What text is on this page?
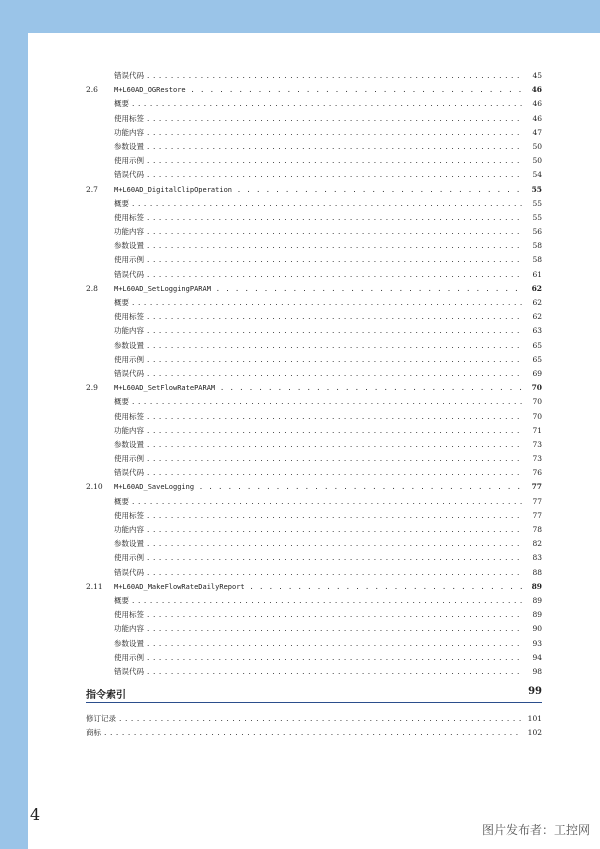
错误代码 . . .	45
2.6 M+L60AD_OGRestore . . .	46
概要 . . .	46
使用标签 . . .	46
功能内容 . . .	47
参数设置 . . .	50
使用示例 . . .	50
错误代码 . . .	54
2.7 M+L60AD_DigitalClipOperation . . .	55
概要 . . .	55
使用标签 . . .	55
功能内容 . . .	56
参数设置 . . .	58
使用示例 . . .	58
错误代码 . . .	61
2.8 M+L60AD_SetLoggingPARAM . . .	62
概要 . . .	62
使用标签 . . .	62
功能内容 . . .	63
参数设置 . . .	65
使用示例 . . .	65
错误代码 . . .	69
2.9 M+L60AD_SetFlowRatePARAM . . .	70
概要 . . .	70
使用标签 . . .	70
功能内容 . . .	71
参数设置 . . .	73
使用示例 . . .	73
错误代码 . . .	76
2.10 M+L60AD_SaveLogging . . .	77
概要 . . .	77
使用标签 . . .	77
功能内容 . . .	78
参数设置 . . .	82
使用示例 . . .	83
错误代码 . . .	88
2.11 M+L60AD_MakeFlowRateDailyReport . . .	89
概要 . . .	89
使用标签 . . .	89
功能内容 . . .	90
参数设置 . . .	93
使用示例 . . .	94
错误代码 . . .	98
指令索引	99
修订记录 . . .	101
商标 . . .	102
4
图片发布者：工控网
